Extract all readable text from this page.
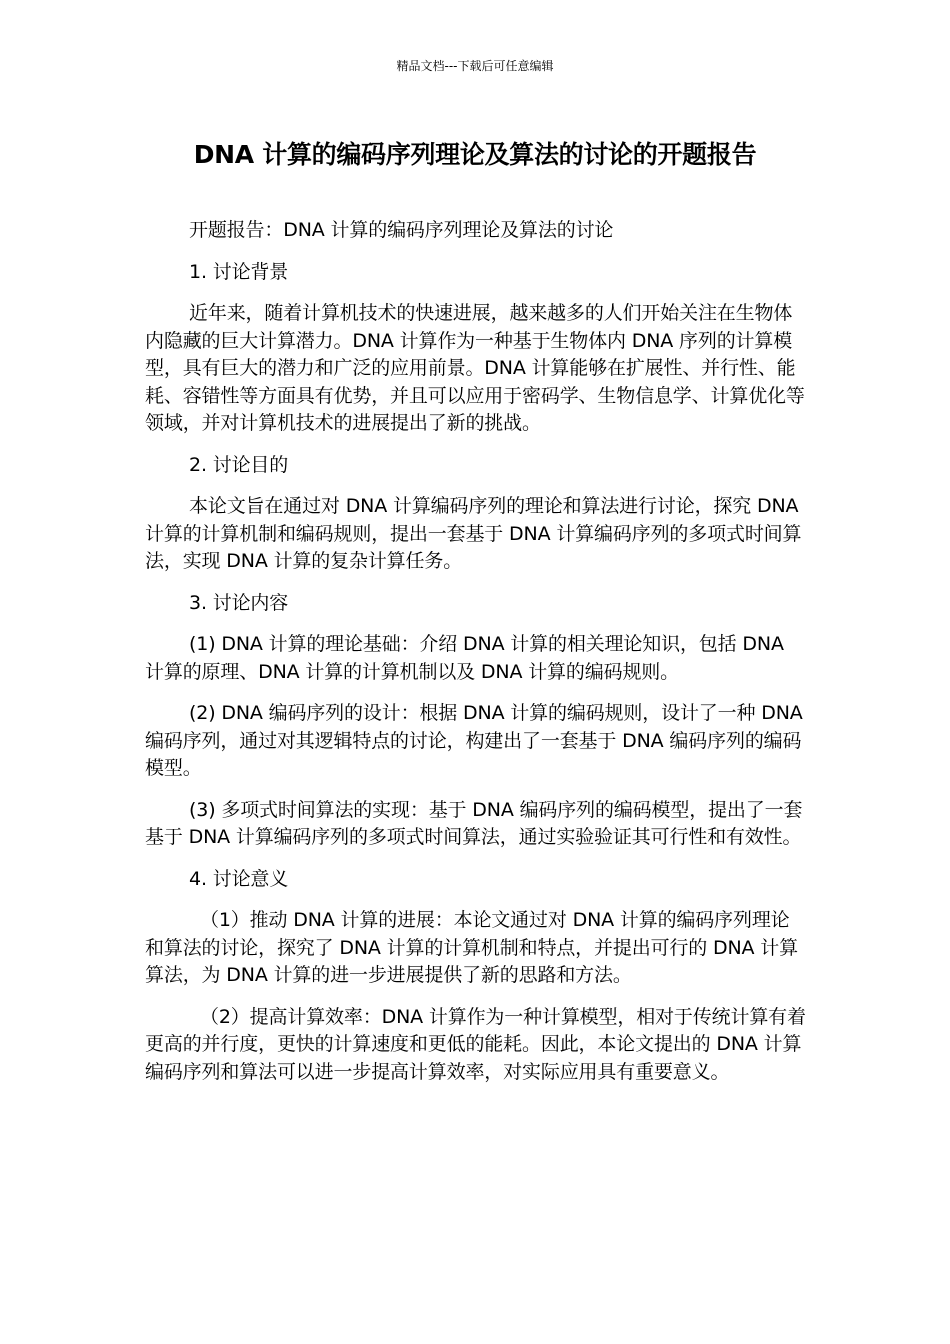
精品文档---下载后可任意编辑
DNA 计算的编码序列理论及算法的讨论的开题报告

开题报告：DNA 计算的编码序列理论及算法的讨论

1. 讨论背景

近年来，随着计算机技术的快速进展，越来越多的人们开始关注在生物体内隐藏的巨大计算潜力。DNA 计算作为一种基于生物体内 DNA 序列的计算模型，具有巨大的潜力和广泛的应用前景。DNA 计算能够在扩展性、并行性、能耗、容错性等方面具有优势，并且可以应用于密码学、生物信息学、计算优化等领域，并对计算机技术的进展提出了新的挑战。

2. 讨论目的

本论文旨在通过对 DNA 计算编码序列的理论和算法进行讨论，探究 DNA 计算的计算机制和编码规则，提出一套基于 DNA 计算编码序列的多项式时间算法，实现 DNA 计算的复杂计算任务。

3. 讨论内容

(1) DNA 计算的理论基础：介绍 DNA 计算的相关理论知识，包括 DNA 计算的原理、DNA 计算的计算机制以及 DNA 计算的编码规则。

(2) DNA 编码序列的设计：根据 DNA 计算的编码规则，设计了一种 DNA 编码序列，通过对其逻辑特点的讨论，构建出了一套基于 DNA 编码序列的编码模型。

(3) 多项式时间算法的实现：基于 DNA 编码序列的编码模型，提出了一套基于 DNA 计算编码序列的多项式时间算法，通过实验验证其可行性和有效性。

4. 讨论意义

（1）推动 DNA 计算的进展：本论文通过对 DNA 计算的编码序列理论和算法的讨论，探究了 DNA 计算的计算机制和特点，并提出可行的 DNA 计算算法，为 DNA 计算的进一步进展提供了新的思路和方法。

（2）提高计算效率：DNA 计算作为一种计算模型，相对于传统计算有着更高的并行度，更快的计算速度和更低的能耗。因此，本论文提出的 DNA 计算编码序列和算法可以进一步提高计算效率，对实际应用具有重要意义。
